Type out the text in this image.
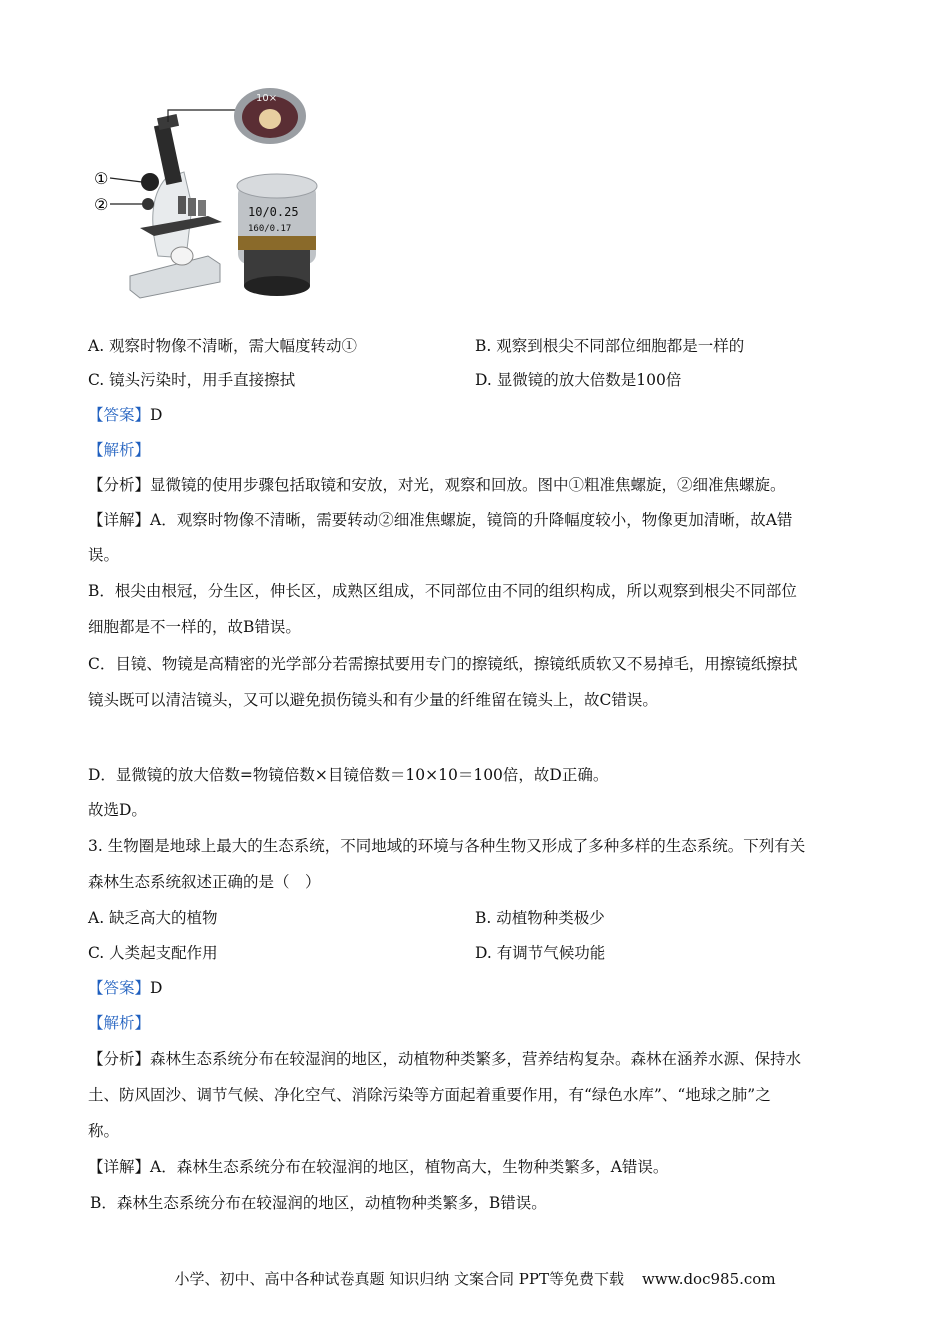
①
②
10×
10/0.25
160/0.17
A. 观察时物像不清晰，需大幅度转动①	B. 观察到根尖不同部位细胞都是一样的
C. 镜头污染时，用手直接擦拭	D. 显微镜的放大倍数是100倍
【答案】D
【解析】
【分析】显微镜的使用步骤包括取镜和安放，对光，观察和回放。图中①粗准焦螺旋，②细准焦螺旋。
【详解】A．观察时物像不清晰，需要转动②细准焦螺旋，镜筒的升降幅度较小，物像更加清晰，故A错
误。
B．根尖由根冠，分生区，伸长区，成熟区组成，不同部位由不同的组织构成，所以观察到根尖不同部位
细胞都是不一样的，故B错误。
C．目镜、物镜是高精密的光学部分若需擦拭要用专门的擦镜纸，擦镜纸质软又不易掉毛，用擦镜纸擦拭
镜头既可以清洁镜头，又可以避免损伤镜头和有少量的纤维留在镜头上，故C错误。
D．显微镜的放大倍数=物镜倍数×目镜倍数＝10×10＝100倍，故D正确。
故选D。
3. 生物圈是地球上最大的生态系统，不同地域的环境与各种生物又形成了多种多样的生态系统。下列有关
森林生态系统叙述正确的是（　）
A. 缺乏高大的植物	B. 动植物种类极少
C. 人类起支配作用	D. 有调节气候功能
【答案】D
【解析】
【分析】森林生态系统分布在较湿润的地区，动植物种类繁多，营养结构复杂。森林在涵养水源、保持水
土、防风固沙、调节气候、净化空气、消除污染等方面起着重要作用，有“绿色水库”、“地球之肺”之
称。
【详解】A．森林生态系统分布在较湿润的地区，植物高大，生物种类繁多，A错误。
B．森林生态系统分布在较湿润的地区，动植物种类繁多，B错误。
小学、初中、高中各种试卷真题 知识归纳 文案合同 PPT等免费下载 www.doc985.com
